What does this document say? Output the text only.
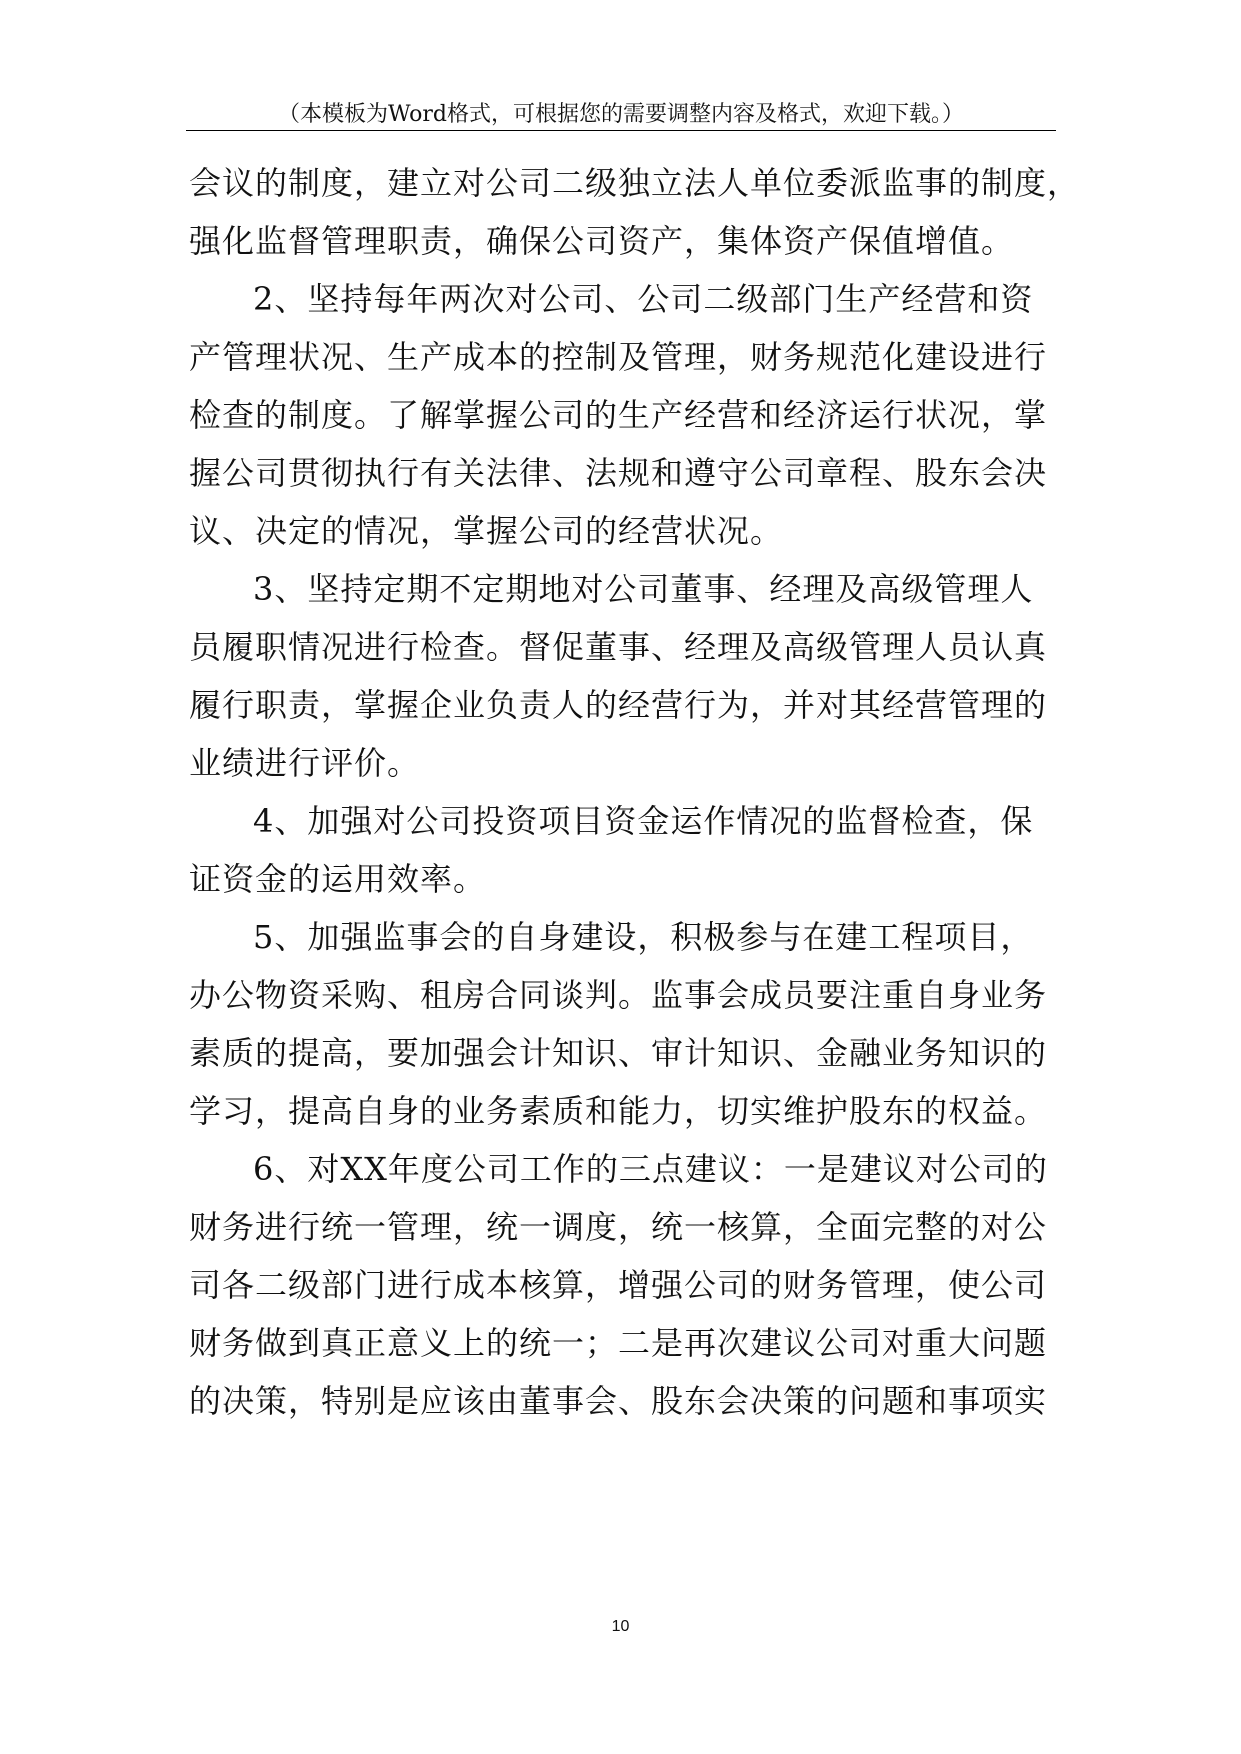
（本模板为Word格式，可根据您的需要调整内容及格式，欢迎下载。）
会议的制度，建立对公司二级独立法人单位委派监事的制度，
强化监督管理职责，确保公司资产，集体资产保值增值。
2、坚持每年两次对公司、公司二级部门生产经营和资
产管理状况、生产成本的控制及管理，财务规范化建设进行
检查的制度。了解掌握公司的生产经营和经济运行状况，掌
握公司贯彻执行有关法律、法规和遵守公司章程、股东会决
议、决定的情况，掌握公司的经营状况。
3、坚持定期不定期地对公司董事、经理及高级管理人
员履职情况进行检查。督促董事、经理及高级管理人员认真
履行职责，掌握企业负责人的经营行为，并对其经营管理的
业绩进行评价。
4、加强对公司投资项目资金运作情况的监督检查，保
证资金的运用效率。
5、加强监事会的自身建设，积极参与在建工程项目，
办公物资采购、租房合同谈判。监事会成员要注重自身业务
素质的提高，要加强会计知识、审计知识、金融业务知识的
学习，提高自身的业务素质和能力，切实维护股东的权益。
6、对XX年度公司工作的三点建议：一是建议对公司的
财务进行统一管理，统一调度，统一核算，全面完整的对公
司各二级部门进行成本核算，增强公司的财务管理，使公司
财务做到真正意义上的统一；二是再次建议公司对重大问题
的决策，特别是应该由董事会、股东会决策的问题和事项实
10
